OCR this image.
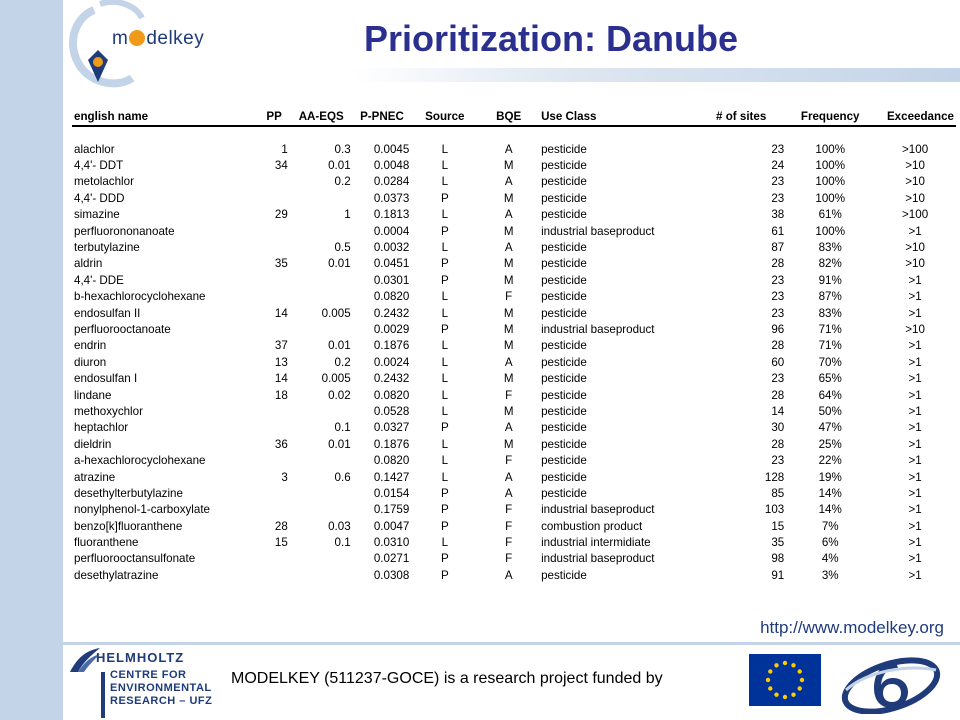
m delkey	Prioritization: Danube
english name	PP	AA-EQS	P-PNEC	Source	BQE	Use Class	# of sites	Frequency	Exceedance

alachlor	1	0.3	0.0045	L	A	pesticide	23	100%	>100
4,4'- DDT	34	0.01	0.0048	L	M	pesticide	24	100%	>10
metolachlor		0.2	0.0284	L	A	pesticide	23	100%	>10
4,4'- DDD			0.0373	P	M	pesticide	23	100%	>10
simazine	29	1	0.1813	L	A	pesticide	38	61%	>100
perfluorononanoate			0.0004	P	M	industrial baseproduct	61	100%	>1
terbutylazine		0.5	0.0032	L	A	pesticide	87	83%	>10
aldrin	35	0.01	0.0451	P	M	pesticide	28	82%	>10
4,4'- DDE			0.0301	P	M	pesticide	23	91%	>1
b-hexachlorocyclohexane			0.0820	L	F	pesticide	23	87%	>1
endosulfan II	14	0.005	0.2432	L	M	pesticide	23	83%	>1
perfluorooctanoate			0.0029	P	M	industrial baseproduct	96	71%	>10
endrin	37	0.01	0.1876	L	M	pesticide	28	71%	>1
diuron	13	0.2	0.0024	L	A	pesticide	60	70%	>1
endosulfan I	14	0.005	0.2432	L	M	pesticide	23	65%	>1
lindane	18	0.02	0.0820	L	F	pesticide	28	64%	>1
methoxychlor			0.0528	L	M	pesticide	14	50%	>1
heptachlor		0.1	0.0327	P	A	pesticide	30	47%	>1
dieldrin	36	0.01	0.1876	L	M	pesticide	28	25%	>1
a-hexachlorocyclohexane			0.0820	L	F	pesticide	23	22%	>1
atrazine	3	0.6	0.1427	L	A	pesticide	128	19%	>1
desethylterbutylazine			0.0154	P	A	pesticide	85	14%	>1
nonylphenol-1-carboxylate			0.1759	P	F	industrial baseproduct	103	14%	>1
benzo[k]fluoranthene	28	0.03	0.0047	P	F	combustion product	15	7%	>1
fluoranthene	15	0.1	0.0310	L	F	industrial intermidiate	35	6%	>1
perfluorooctansulfonate			0.0271	P	F	industrial baseproduct	98	4%	>1
desethylatrazine			0.0308	P	A	pesticide	91	3%	>1
http://www.modelkey.org
HELMHOLTZ
CENTRE FOR
ENVIRONMENTAL
RESEARCH – UFZ
MODELKEY (511237-GOCE) is a research project funded by
